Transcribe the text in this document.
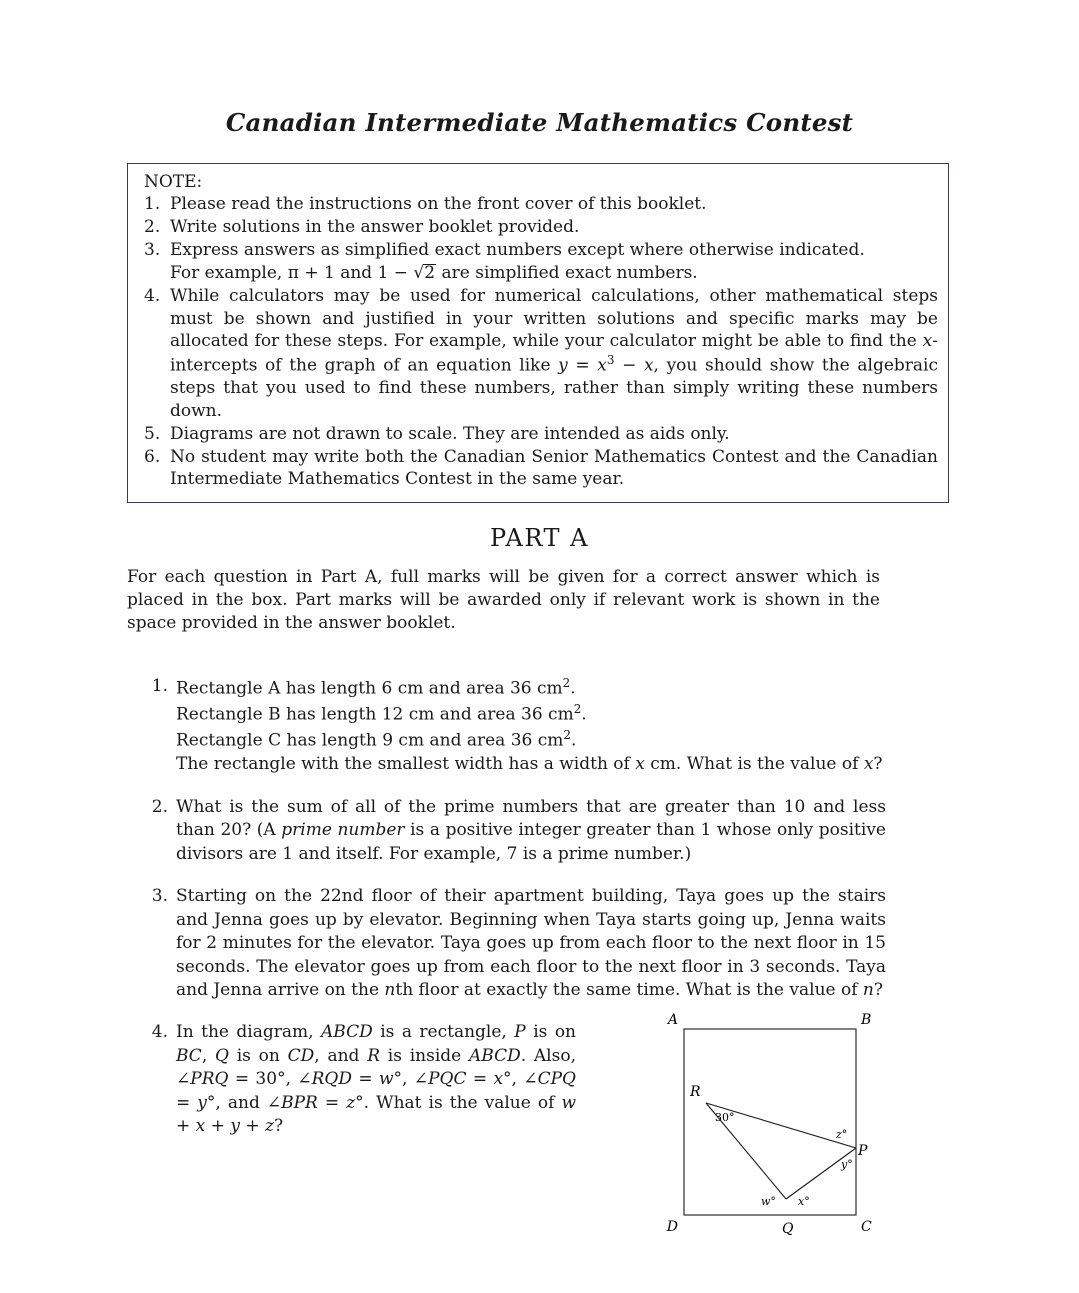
Canadian Intermediate Mathematics Contest
NOTE:
1. Please read the instructions on the front cover of this booklet.
2. Write solutions in the answer booklet provided.
3. Express answers as simplified exact numbers except where otherwise indicated.
For example, π + 1 and 1 − √2 are simplified exact numbers.
4. While calculators may be used for numerical calculations, other mathematical steps must be shown and justified in your written solutions and specific marks may be allocated for these steps. For example, while your calculator might be able to find the x-intercepts of the graph of an equation like $y = x^3 - x$, you should show the algebraic steps that you used to find these numbers, rather than simply writing these numbers down.
5. Diagrams are not drawn to scale. They are intended as aids only.
6. No student may write both the Canadian Senior Mathematics Contest and the Canadian Intermediate Mathematics Contest in the same year.
PART A
For each question in Part A, full marks will be given for a correct answer which is placed in the box. Part marks will be awarded only if relevant work is shown in the space provided in the answer booklet.
1. Rectangle A has length 6 cm and area 36 $cm^2$.
Rectangle B has length 12 cm and area 36 $cm^2$.
Rectangle C has length 9 cm and area 36 $cm^2$.
The rectangle with the smallest width has a width of x cm. What is the value of x?
2. What is the sum of all of the prime numbers that are greater than 10 and less than 20? (A prime number is a positive integer greater than 1 whose only positive divisors are 1 and itself. For example, 7 is a prime number.)
3. Starting on the 22nd floor of their apartment building, Taya goes up the stairs and Jenna goes up by elevator. Beginning when Taya starts going up, Jenna waits for 2 minutes for the elevator. Taya goes up from each floor to the next floor in 15 seconds. The elevator goes up from each floor to the next floor in 3 seconds. Taya and Jenna arrive on the nth floor at exactly the same time. What is the value of n?
4. In the diagram, ABCD is a rectangle, P is on BC, Q is on CD, and R is inside ABCD. Also, ∠PRQ = 30°, ∠RQD = w°, ∠PQC = x°, ∠CPQ = y°, and ∠BPR = z°. What is the value of w + x + y + z?
A	B
C
D
P
Q
R
30°
z°
y°
w° x°
